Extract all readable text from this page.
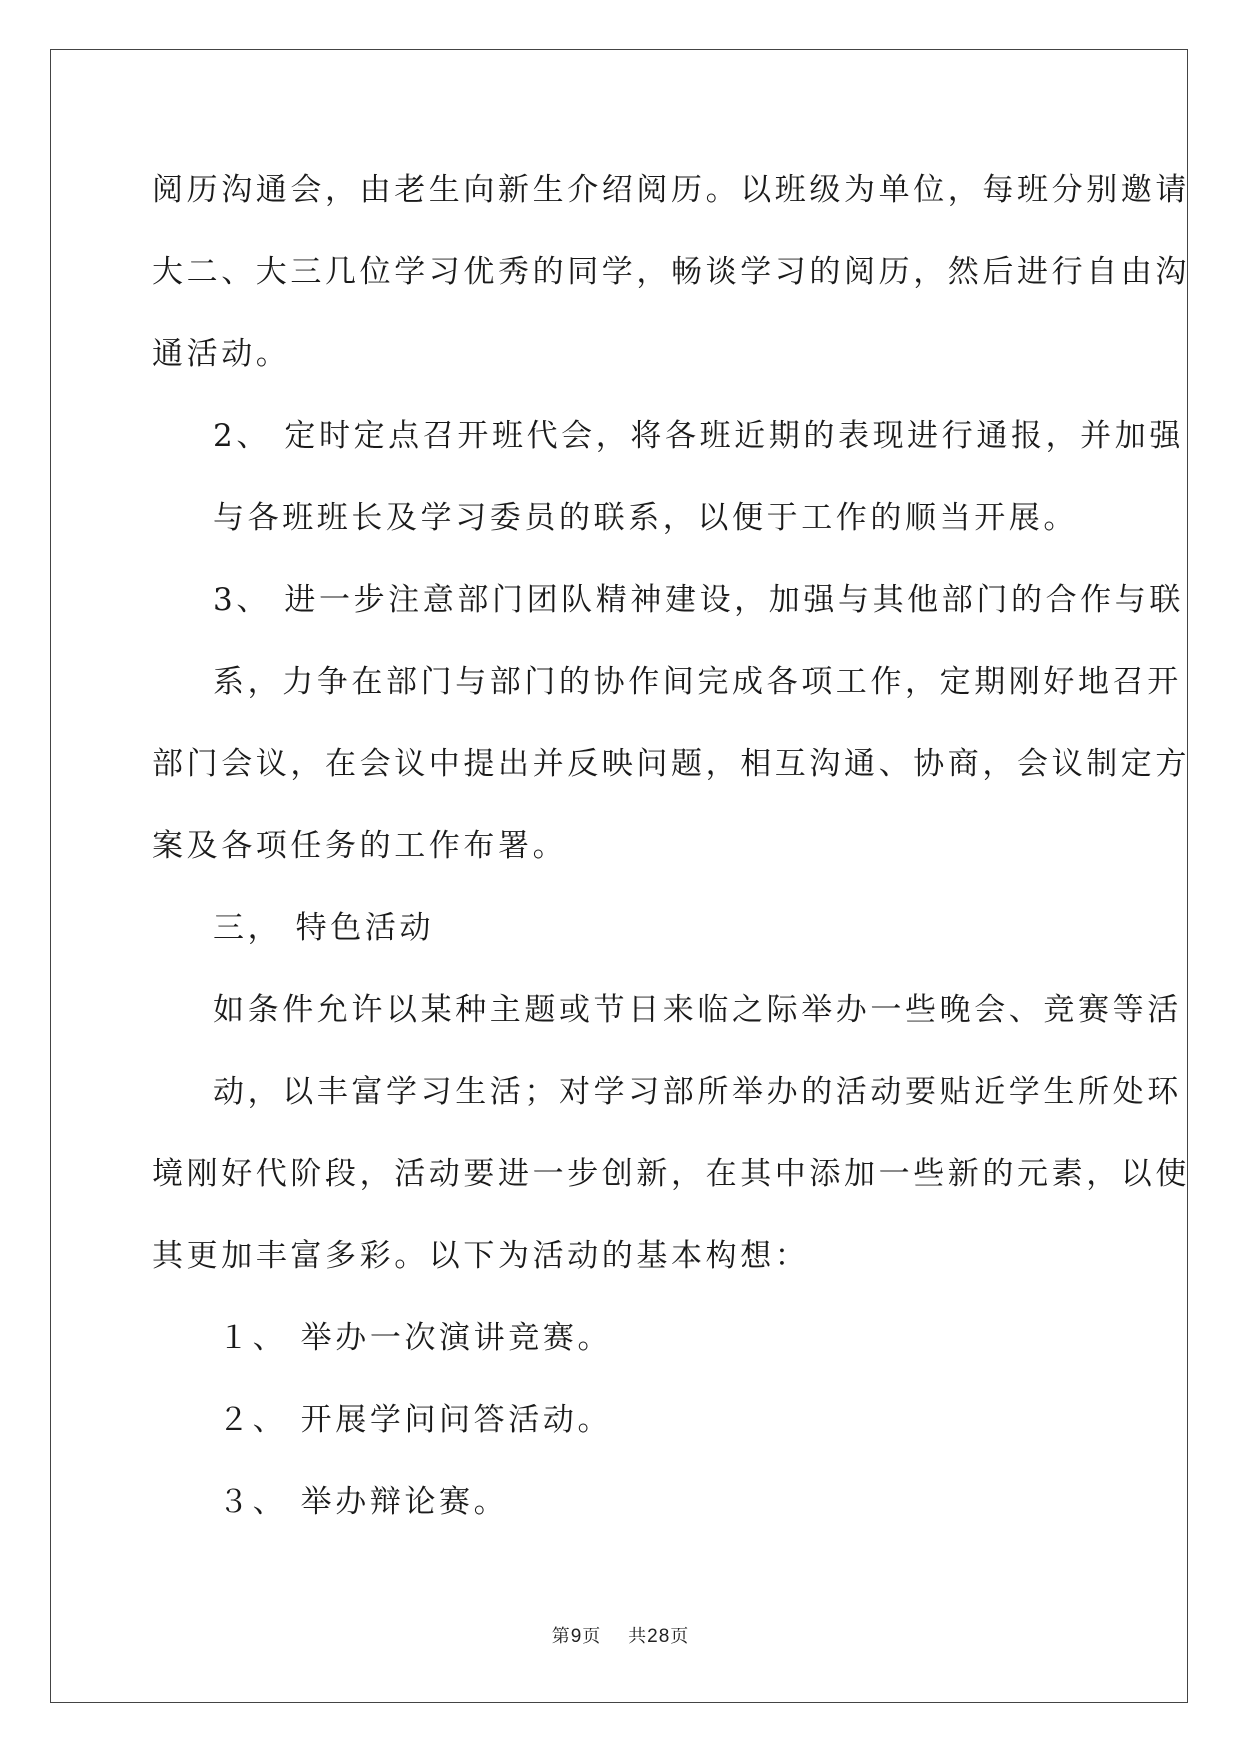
阅历沟通会，由老生向新生介绍阅历。以班级为单位，每班分别邀请
大二、大三几位学习优秀的同学，畅谈学习的阅历，然后进行自由沟
通活动。
2、 定时定点召开班代会，将各班近期的表现进行通报，并加强
与各班班长及学习委员的联系，以便于工作的顺当开展。
3、 进一步注意部门团队精神建设，加强与其他部门的合作与联
系，力争在部门与部门的协作间完成各项工作，定期刚好地召开
部门会议，在会议中提出并反映问题，相互沟通、协商，会议制定方
案及各项任务的工作布署。
三， 特色活动
如条件允许以某种主题或节日来临之际举办一些晚会、竞赛等活
动，以丰富学习生活；对学习部所举办的活动要贴近学生所处环
境刚好代阶段，活动要进一步创新，在其中添加一些新的元素，以使
其更加丰富多彩。以下为活动的基本构想：
１、 举办一次演讲竞赛。
２、 开展学问问答活动。
３、 举办辩论赛。
第9页 共28页
